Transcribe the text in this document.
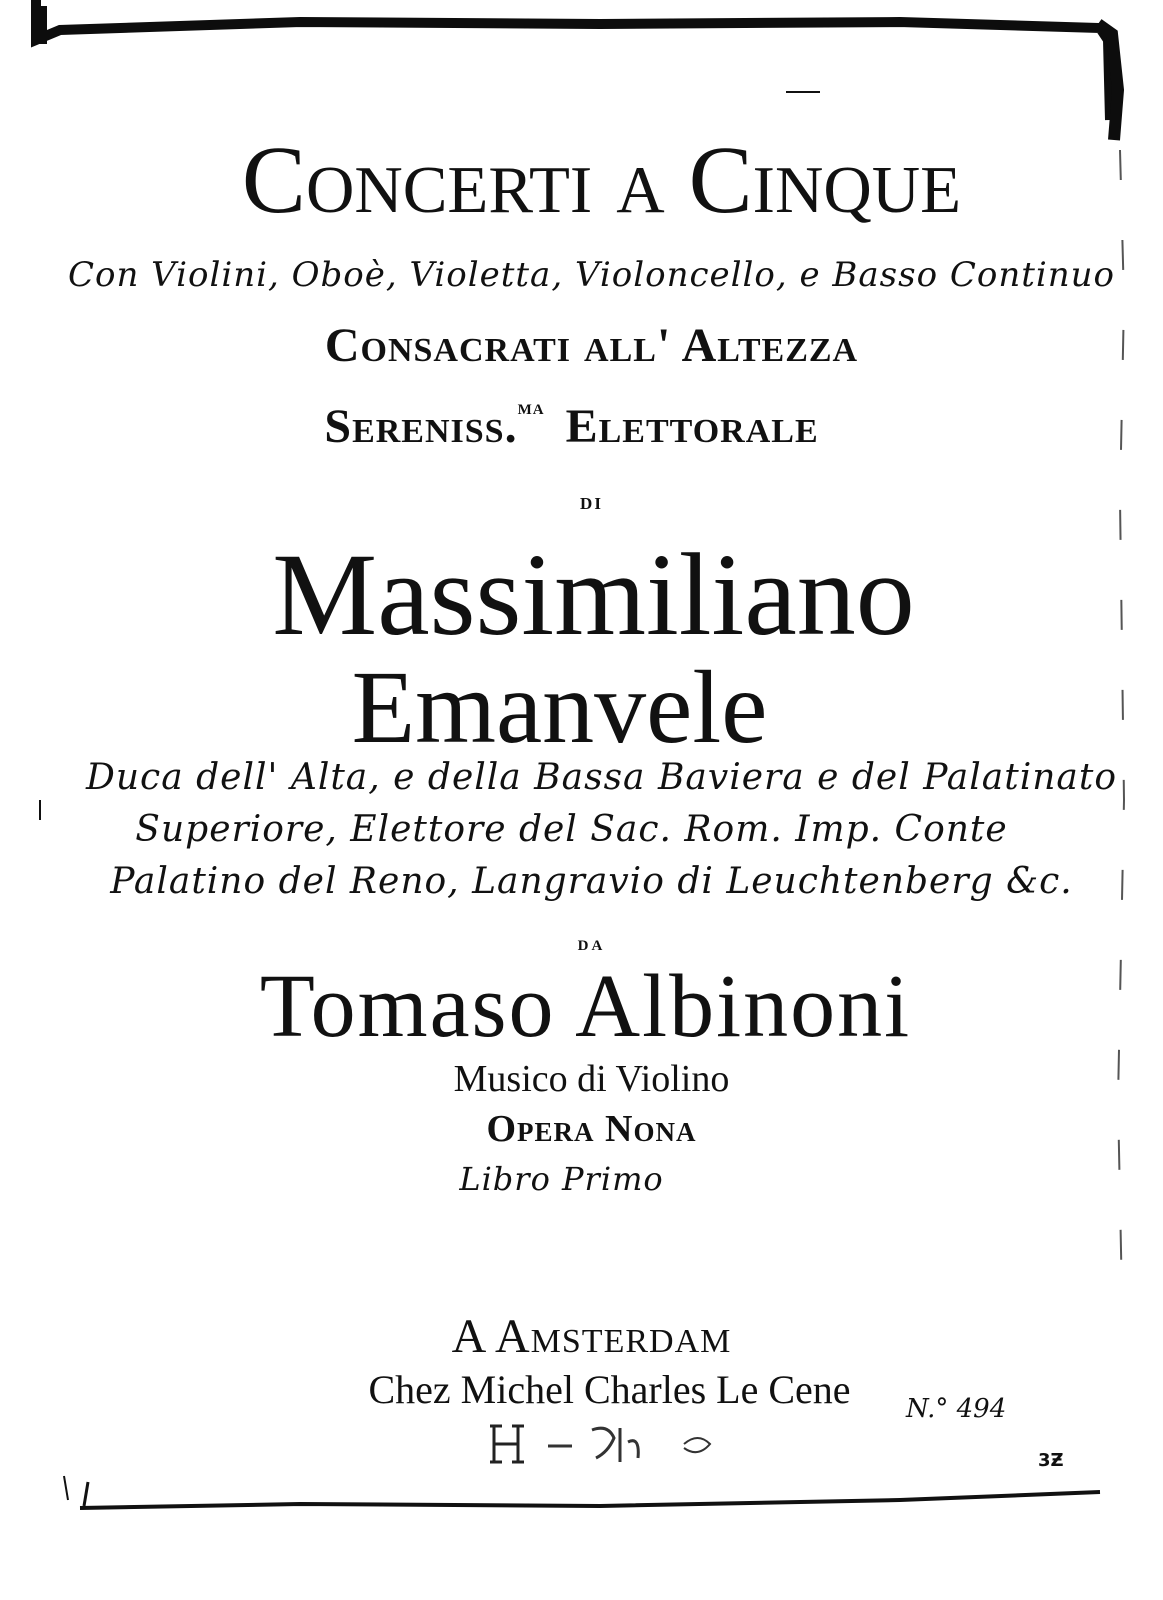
Concerti a Cinque
Con Violini, Oboè, Violetta, Violoncello, e Basso Continuo
Consacrati all' Altezza
Sereniss.$^{ma}$ Elettorale
di
Massimiliano
Emanvele
Duca dell' Alta, e della Bassa Baviera e del Palatinato
Superiore, Elettore del Sac. Rom. Imp. Conte
Palatino del Reno, Langravio di Leuchtenberg &c.
da
Tomaso Albinoni
Musico di Violino
Opera Nona
Libro Primo
A Amsterdam
Chez Michel Charles Le Cene	N.° 494
3Ƶ
